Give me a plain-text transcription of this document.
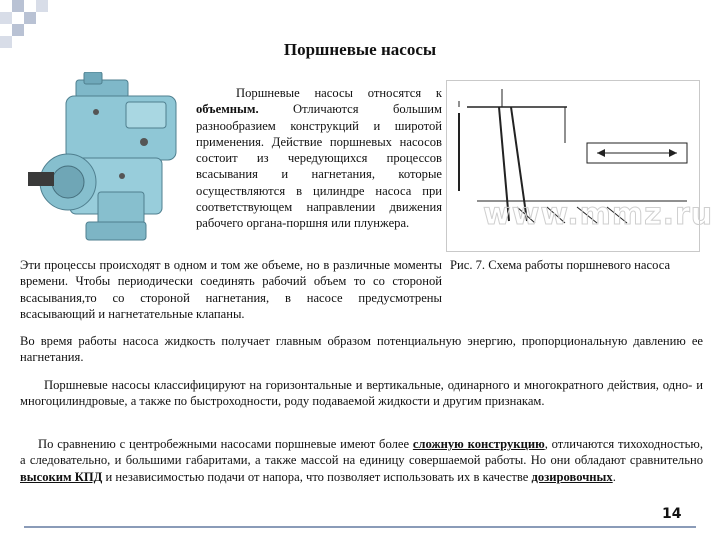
Поршневые насосы

Поршневые насосы относятся к объемным. Отличаются большим разнообразием конструкций и широтой применения. Действие поршневых насосов состоит из чередующихся процессов всасывания и нагнетания, которые осуществляются в цилиндре насоса при соответствующем направлении движения рабочего органа-поршня или плунжера.	www.mmz.ru
Рис. 7. Схема работы поршневого насоса

Эти процессы происходят в одном и том же объеме, но в различные моменты времени. Чтобы периодически соединять рабочий объем то со стороной всасывания,то со стороной нагнетания, в насосе предусмотрены всасывающий и нагнетательные клапаны.

Во время работы насоса жидкость получает главным образом потенциальную энергию, пропорциональную давлению ее нагнетания.

Поршневые насосы классифицируют на горизонтальные и вертикальные, одинарного и многократного действия, одно- и многоцилиндровые, а также по быстроходности, роду подаваемой жидкости и другим признакам.

По сравнению с центробежными насосами поршневые имеют более сложную конструкцию, отличаются тихоходностью, а следовательно, и большими габаритами, а также массой на единицу совершаемой работы. Но они обладают сравнительно высоким КПД и независимостью подачи от напора, что позволяет использовать их в качестве дозировочных.

14
